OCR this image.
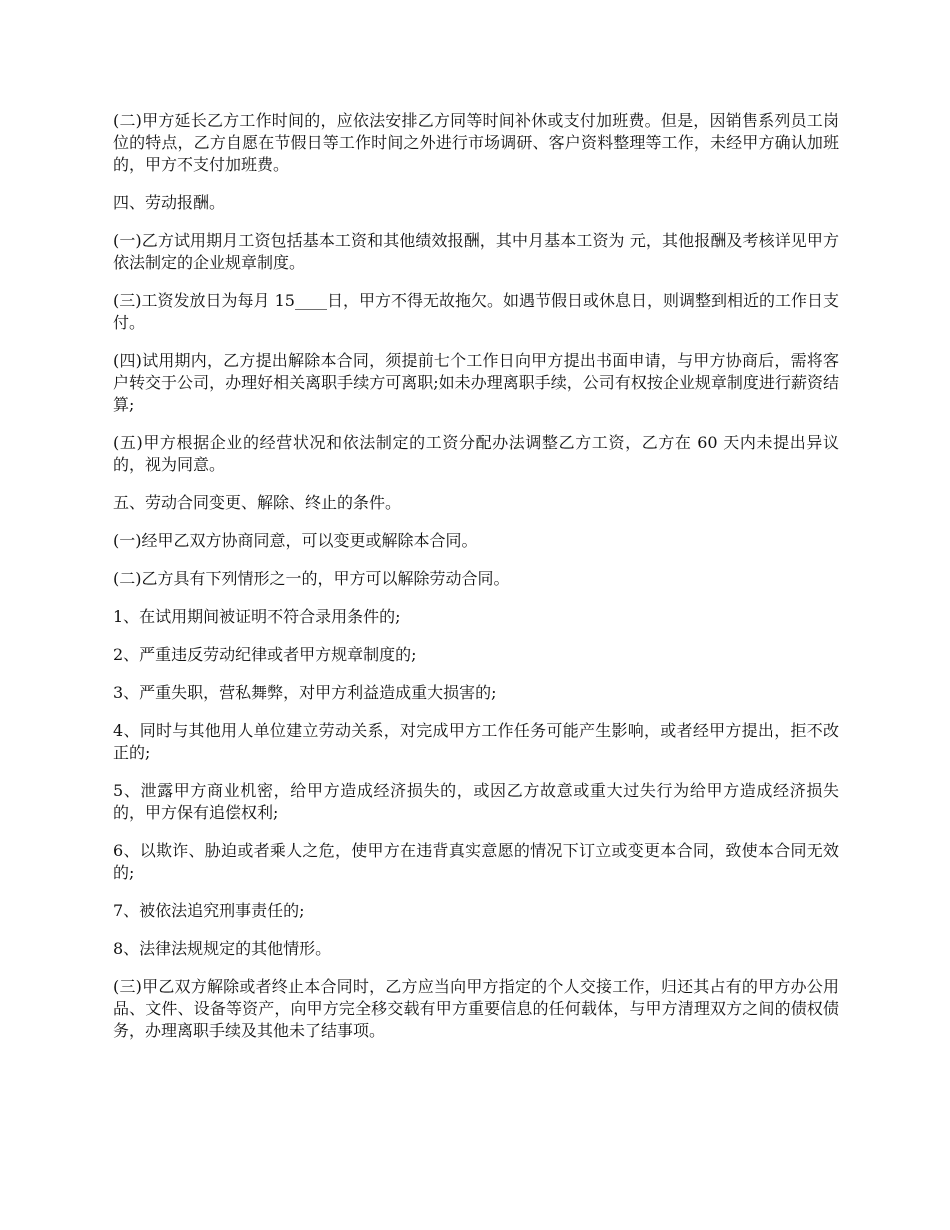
(二)甲方延长乙方工作时间的，应依法安排乙方同等时间补休或支付加班费。但是，因销售系列员工岗位的特点，乙方自愿在节假日等工作时间之外进行市场调研、客户资料整理等工作，未经甲方确认加班的，甲方不支付加班费。

四、劳动报酬。

(一)乙方试用期月工资包括基本工资和其他绩效报酬，其中月基本工资为 元，其他报酬及考核详见甲方依法制定的企业规章制度。

(三)工资发放日为每月 15____日，甲方不得无故拖欠。如遇节假日或休息日，则调整到相近的工作日支付。

(四)试用期内，乙方提出解除本合同，须提前七个工作日向甲方提出书面申请，与甲方协商后，需将客户转交于公司，办理好相关离职手续方可离职;如未办理离职手续，公司有权按企业规章制度进行薪资结算;

(五)甲方根据企业的经营状况和依法制定的工资分配办法调整乙方工资，乙方在 60 天内未提出异议的，视为同意。

五、劳动合同变更、解除、终止的条件。

(一)经甲乙双方协商同意，可以变更或解除本合同。

(二)乙方具有下列情形之一的，甲方可以解除劳动合同。

1、在试用期间被证明不符合录用条件的;

2、严重违反劳动纪律或者甲方规章制度的;

3、严重失职，营私舞弊，对甲方利益造成重大损害的;

4、同时与其他用人单位建立劳动关系，对完成甲方工作任务可能产生影响，或者经甲方提出，拒不改正的;

5、泄露甲方商业机密，给甲方造成经济损失的，或因乙方故意或重大过失行为给甲方造成经济损失的，甲方保有追偿权利;

6、以欺诈、胁迫或者乘人之危，使甲方在违背真实意愿的情况下订立或变更本合同，致使本合同无效的;

7、被依法追究刑事责任的;

8、法律法规规定的其他情形。

(三)甲乙双方解除或者终止本合同时，乙方应当向甲方指定的个人交接工作，归还其占有的甲方办公用品、文件、设备等资产，向甲方完全移交载有甲方重要信息的任何载体，与甲方清理双方之间的债权债务，办理离职手续及其他未了结事项。
